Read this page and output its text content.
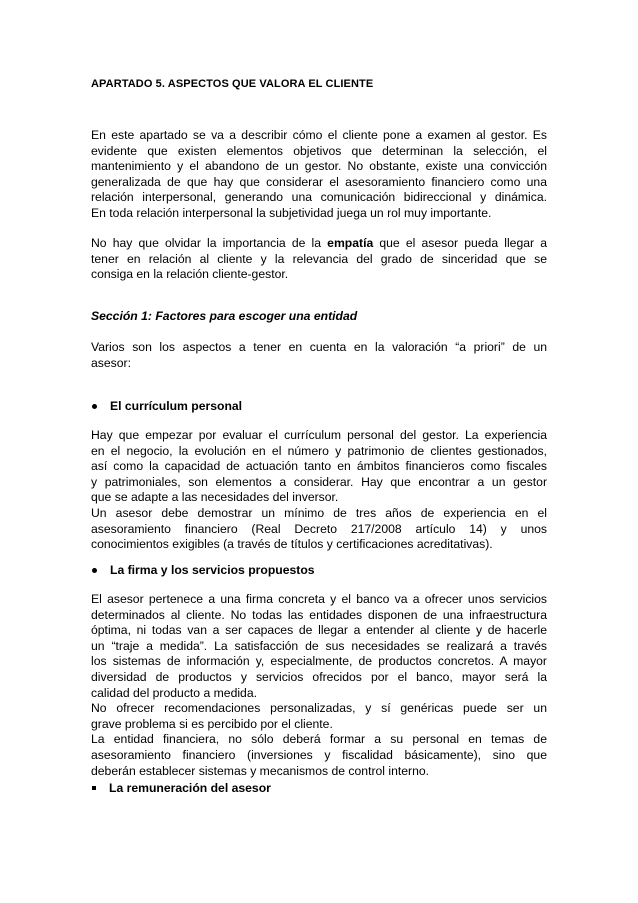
APARTADO 5. ASPECTOS QUE VALORA EL CLIENTE

En este apartado se va a describir cómo el cliente pone a examen al gestor. Es
evidente que existen elementos objetivos que determinan la selección, el
mantenimiento y el abandono de un gestor. No obstante, existe una convicción
generalizada de que hay que considerar el asesoramiento financiero como una
relación interpersonal, generando una comunicación bidireccional y dinámica.
En toda relación interpersonal la subjetividad juega un rol muy importante.

No hay que olvidar la importancia de la empatía que el asesor pueda llegar a
tener en relación al cliente y la relevancia del grado de sinceridad que se
consiga en la relación cliente-gestor.

Sección 1: Factores para escoger una entidad

Varios son los aspectos a tener en cuenta en la valoración “a priori” de un
asesor:

El currículum personal

Hay que empezar por evaluar el currículum personal del gestor. La experiencia
en el negocio, la evolución en el número y patrimonio de clientes gestionados,
así como la capacidad de actuación tanto en ámbitos financieros como fiscales
y patrimoniales, son elementos a considerar. Hay que encontrar a un gestor
que se adapte a las necesidades del inversor.
Un asesor debe demostrar un mínimo de tres años de experiencia en el
asesoramiento financiero (Real Decreto 217/2008 artículo 14) y unos
conocimientos exigibles (a través de títulos y certificaciones acreditativas).

La firma y los servicios propuestos

El asesor pertenece a una firma concreta y el banco va a ofrecer unos servicios
determinados al cliente. No todas las entidades disponen de una infraestructura
óptima, ni todas van a ser capaces de llegar a entender al cliente y de hacerle
un “traje a medida”. La satisfacción de sus necesidades se realizará a través
los sistemas de información y, especialmente, de productos concretos. A mayor
diversidad de productos y servicios ofrecidos por el banco, mayor será la
calidad del producto a medida.
No ofrecer recomendaciones personalizadas, y sí genéricas puede ser un
grave problema si es percibido por el cliente.
La entidad financiera, no sólo deberá formar a su personal en temas de
asesoramiento financiero (inversiones y fiscalidad básicamente), sino que
deberán establecer sistemas y mecanismos de control interno.

La remuneración del asesor
